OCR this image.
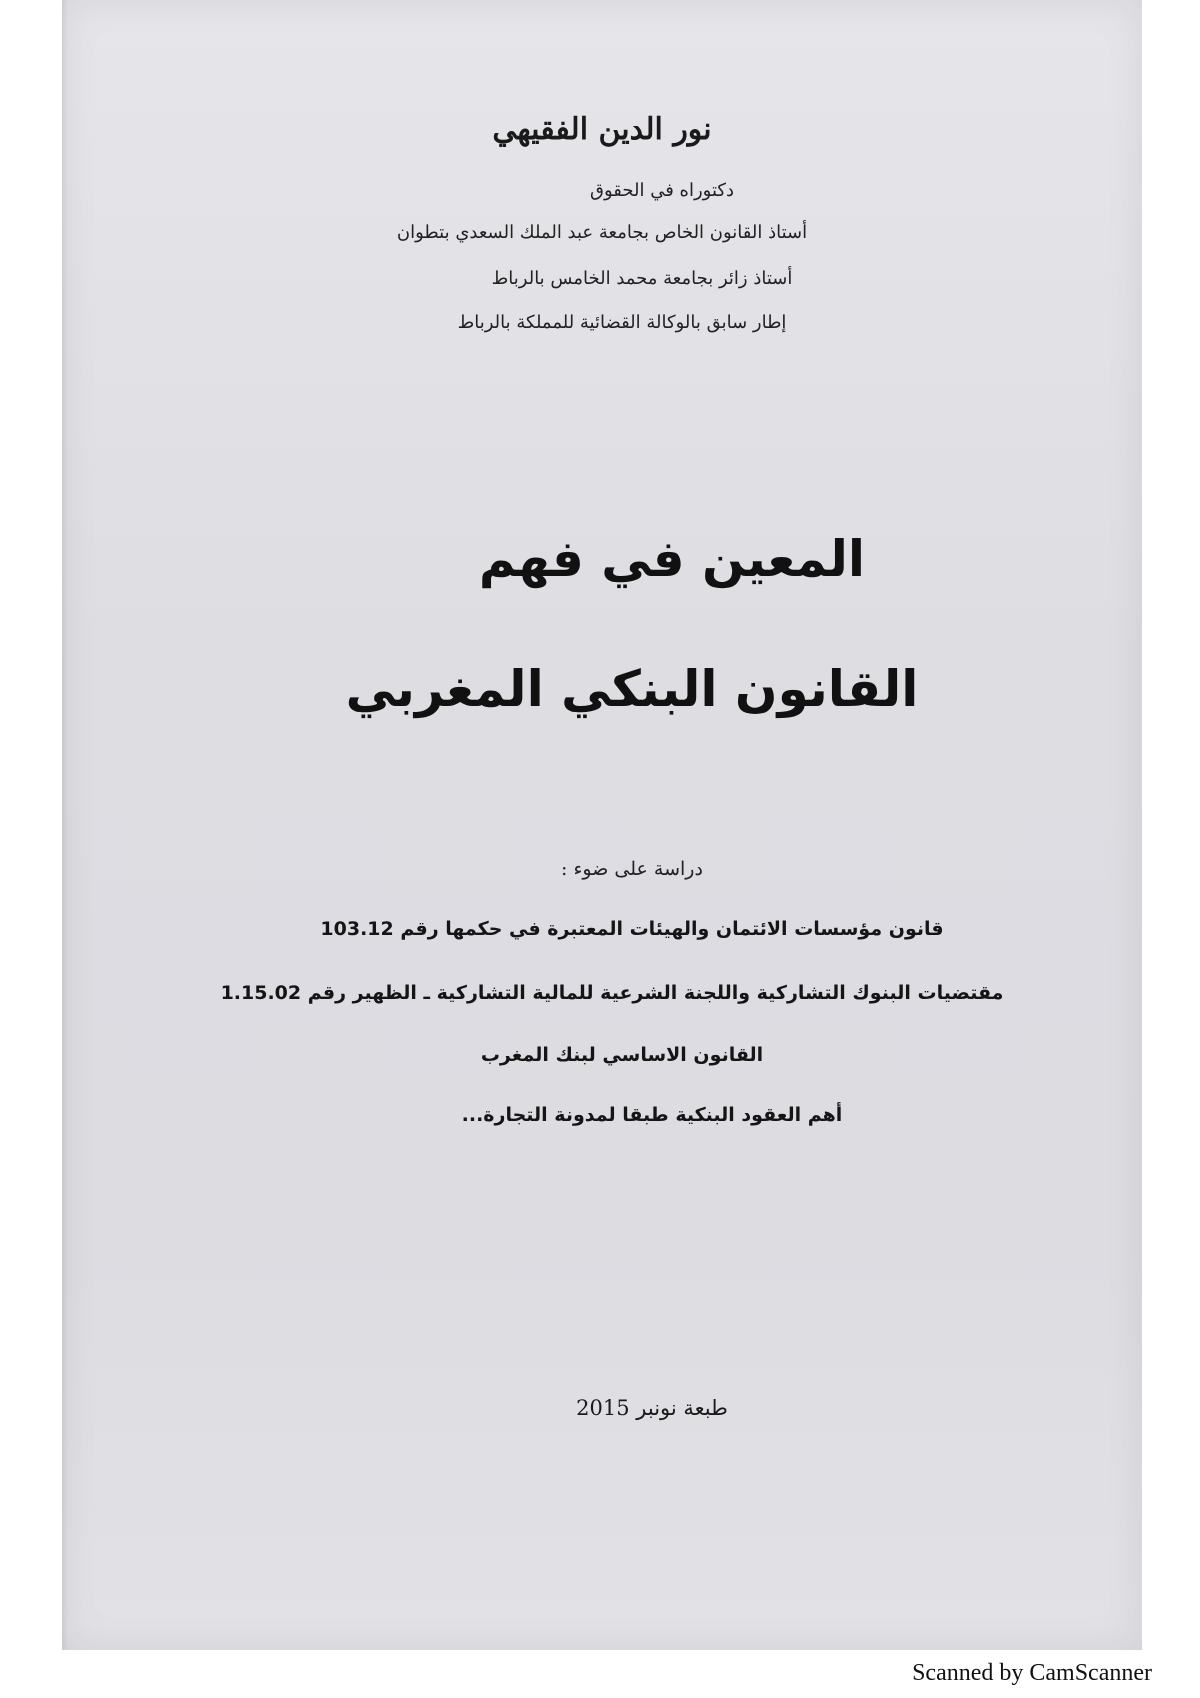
نور الدين الفقيهي
دكتوراه في الحقوق
أستاذ القانون الخاص بجامعة عبد الملك السعدي بتطوان
أستاذ زائر بجامعة محمد الخامس بالرباط
إطار سابق بالوكالة القضائية للمملكة بالرباط
المعين في فهم
القانون البنكي المغربي
دراسة على ضوء :
قانون مؤسسات الائتمان والهيئات المعتبرة في حكمها رقم 103.12
مقتضيات البنوك التشاركية واللجنة الشرعية للمالية التشاركية ـ الظهير رقم 1.15.02
القانون الاساسي لبنك المغرب
أهم العقود البنكية طبقا لمدونة التجارة...
طبعة نونبر 2015
Scanned by CamScanner
